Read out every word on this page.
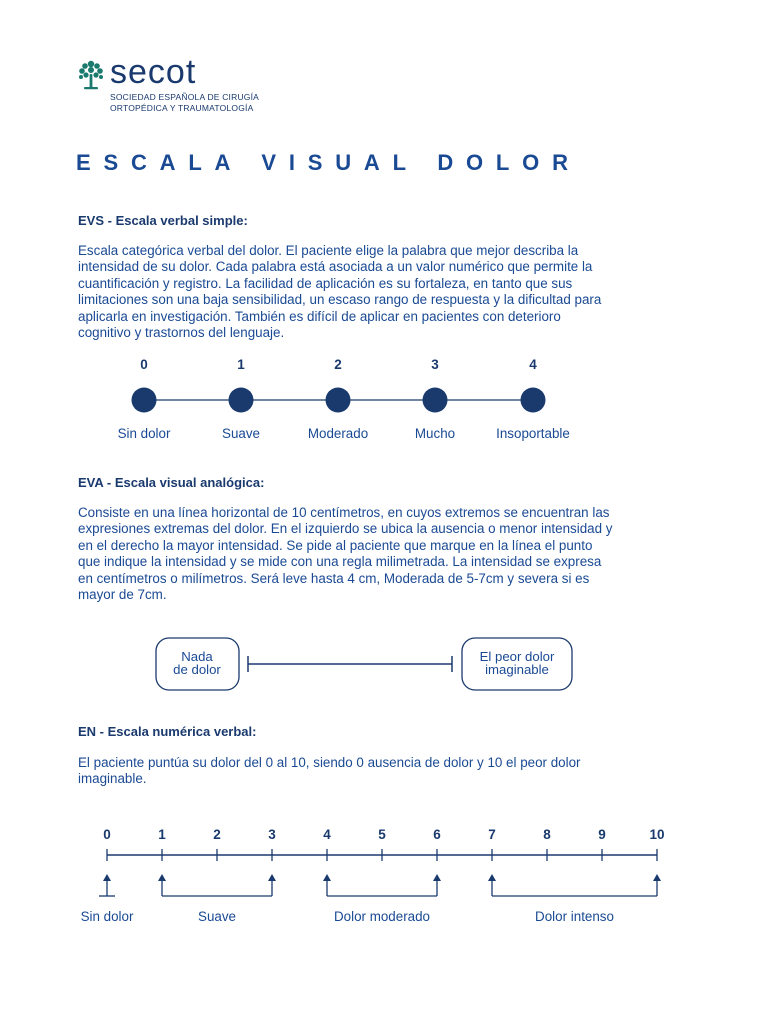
secot
SOCIEDAD ESPAÑOLA DE CIRUGÍA
ORTOPÉDICA Y TRAUMATOLOGÍA
ESCALA VISUAL DOLOR
EVS - Escala verbal simple:

Escala categórica verbal del dolor. El paciente elige la palabra que mejor describa la

intensidad de su dolor. Cada palabra está asociada a un valor numérico que permite la

cuantificación y registro. La facilidad de aplicación es su fortaleza, en tanto que sus

limitaciones son una baja sensibilidad, un escaso rango de respuesta y la dificultad para

aplicarla en investigación. También es difícil de aplicar en pacientes con deterioro

cognitivo y trastornos del lenguaje.

0
Sin dolor
1
Suave
2
Moderado
3
Mucho
4
Insoportable
EVA - Escala visual analógica:

Consiste en una línea horizontal de 10 centímetros, en cuyos extremos se encuentran las

expresiones extremas del dolor. En el izquierdo se ubica la ausencia o menor intensidad y

en el derecho la mayor intensidad. Se pide al paciente que marque en la línea el punto

que indique la intensidad y se mide con una regla milimetrada. La intensidad se expresa

en centímetros o milímetros. Será leve hasta 4 cm, Moderada de 5-7cm y severa si es

mayor de 7cm.

Nada
de dolor
El peor dolor
imaginable
EN - Escala numérica verbal:

El paciente puntúa su dolor del 0 al 10, siendo 0 ausencia de dolor y 10 el peor dolor

imaginable.

0	1	2	3	4	5	6	7	8	9	10
Sin dolor	Suave	Dolor moderado	Dolor intenso
